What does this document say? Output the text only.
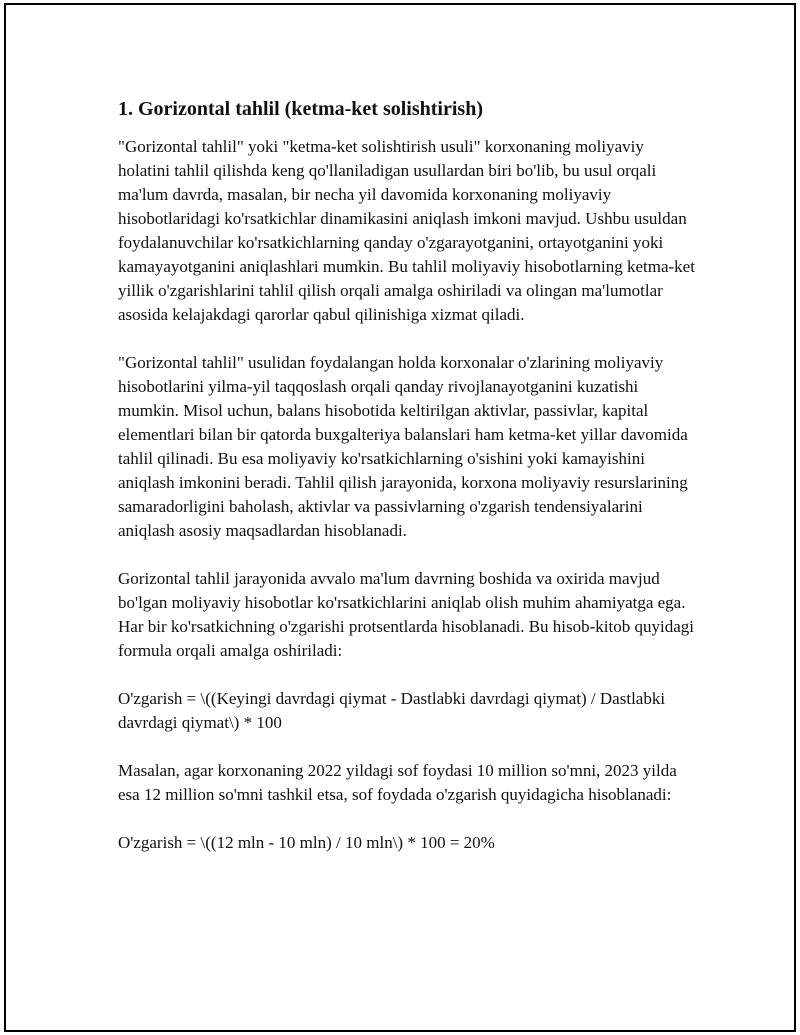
1. Gorizontal tahlil (ketma-ket solishtirish)

"Gorizontal tahlil" yoki "ketma-ket solishtirish usuli" korxonaning moliyaviy holatini tahlil qilishda keng qo'llaniladigan usullardan biri bo'lib, bu usul orqali ma'lum davrda, masalan, bir necha yil davomida korxonaning moliyaviy hisobotlaridagi ko'rsatkichlar dinamikasini aniqlash imkoni mavjud. Ushbu usuldan foydalanuvchilar ko'rsatkichlarning qanday o'zgarayotganini, ortayotganini yoki kamayayotganini aniqlashlari mumkin. Bu tahlil moliyaviy hisobotlarning ketma-ket yillik o'zgarishlarini tahlil qilish orqali amalga oshiriladi va olingan ma'lumotlar asosida kelajakdagi qarorlar qabul qilinishiga xizmat qiladi.

"Gorizontal tahlil" usulidan foydalangan holda korxonalar o'zlarining moliyaviy hisobotlarini yilma-yil taqqoslash orqali qanday rivojlanayotganini kuzatishi mumkin. Misol uchun, balans hisobotida keltirilgan aktivlar, passivlar, kapital elementlari bilan bir qatorda buxgalteriya balanslari ham ketma-ket yillar davomida tahlil qilinadi. Bu esa moliyaviy ko'rsatkichlarning o'sishini yoki kamayishini aniqlash imkonini beradi. Tahlil qilish jarayonida, korxona moliyaviy resurslarining samaradorligini baholash, aktivlar va passivlarning o'zgarish tendensiyalarini aniqlash asosiy maqsadlardan hisoblanadi.

Gorizontal tahlil jarayonida avvalo ma'lum davrning boshida va oxirida mavjud bo'lgan moliyaviy hisobotlar ko'rsatkichlarini aniqlab olish muhim ahamiyatga ega. Har bir ko'rsatkichning o'zgarishi protsentlarda hisoblanadi. Bu hisob-kitob quyidagi formula orqali amalga oshiriladi:

O'zgarish = \((Keyingi davrdagi qiymat - Dastlabki davrdagi qiymat) / Dastlabki davrdagi qiymat\) * 100

Masalan, agar korxonaning 2022 yildagi sof foydasi 10 million so'mni, 2023 yilda esa 12 million so'mni tashkil etsa, sof foydada o'zgarish quyidagicha hisoblanadi:

O'zgarish = \((12 mln - 10 mln) / 10 mln\) * 100 = 20%
